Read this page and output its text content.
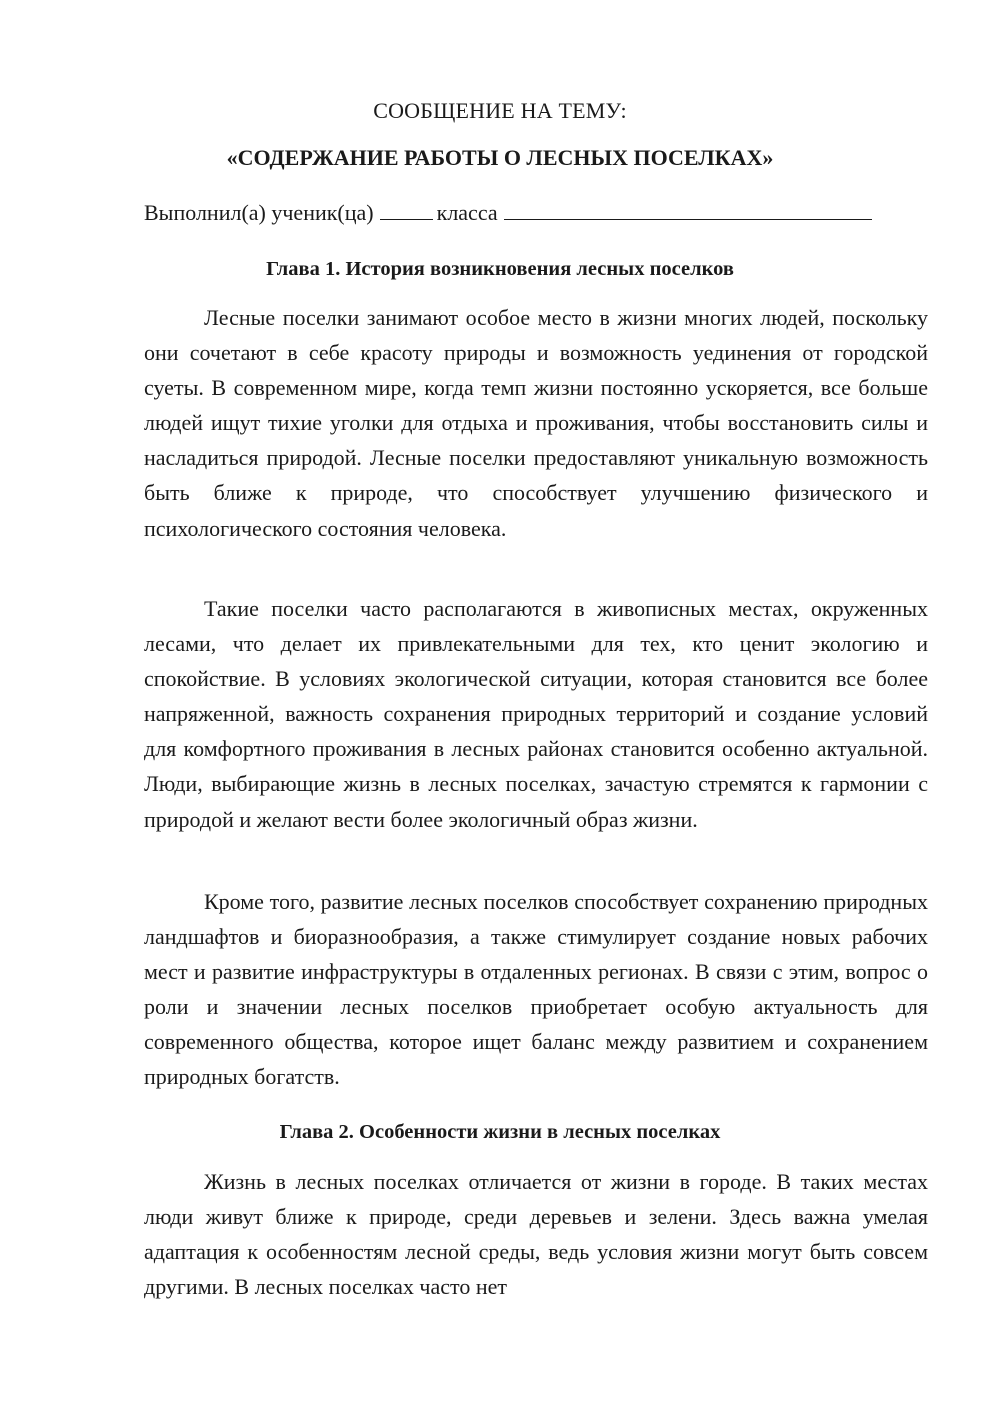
СООБЩЕНИЕ НА ТЕМУ:
«СОДЕРЖАНИЕ РАБОТЫ О ЛЕСНЫХ ПОСЕЛКАХ»
Выполнил(а) ученик(ца)	класса
Глава 1. История возникновения лесных поселков

Лесные поселки занимают особое место в жизни многих людей, поскольку они сочетают в себе красоту природы и возможность уединения от городской суеты. В современном мире, когда темп жизни постоянно ускоряется, все больше людей ищут тихие уголки для отдыха и проживания, чтобы восстановить силы и насладиться природой. Лесные поселки предоставляют уникальную возможность быть ближе к природе, что способствует улучшению физического и психологического состояния человека.

Такие поселки часто располагаются в живописных местах, окруженных лесами, что делает их привлекательными для тех, кто ценит экологию и спокойствие. В условиях экологической ситуации, которая становится все более напряженной, важность сохранения природных территорий и создание условий для комфортного проживания в лесных районах становится особенно актуальной. Люди, выбирающие жизнь в лесных поселках, зачастую стремятся к гармонии с природой и желают вести более экологичный образ жизни.

Кроме того, развитие лесных поселков способствует сохранению природных ландшафтов и биоразнообразия, а также стимулирует создание новых рабочих мест и развитие инфраструктуры в отдаленных регионах. В связи с этим, вопрос о роли и значении лесных поселков приобретает особую актуальность для современного общества, которое ищет баланс между развитием и сохранением природных богатств.

Глава 2. Особенности жизни в лесных поселках

Жизнь в лесных поселках отличается от жизни в городе. В таких местах люди живут ближе к природе, среди деревьев и зелени. Здесь важна умелая адаптация к особенностям лесной среды, ведь условия жизни могут быть совсем другими. В лесных поселках часто нет
